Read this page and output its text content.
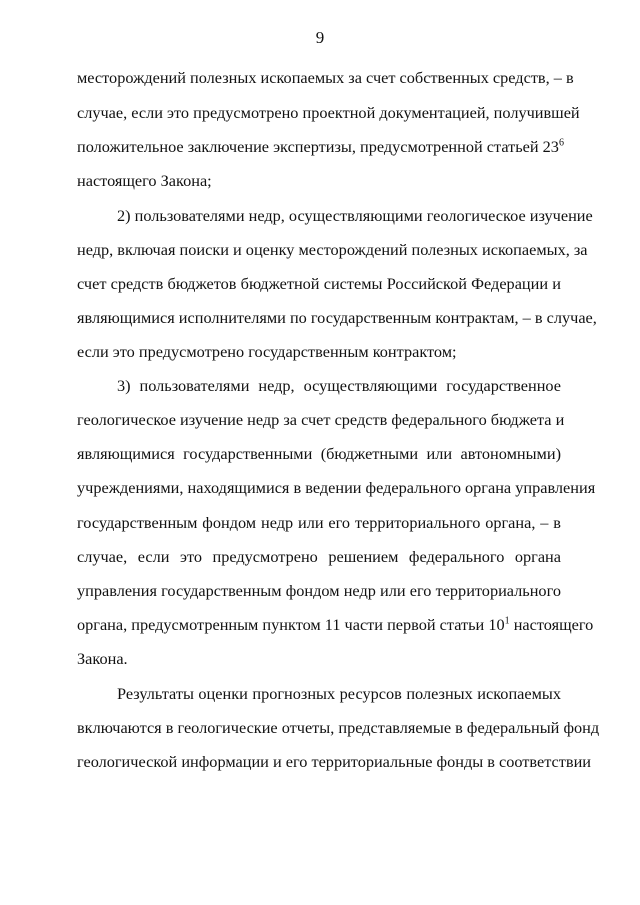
9
месторождений полезных ископаемых за счет собственных средств, – в
случае, если это предусмотрено проектной документацией, получившей
положительное заключение экспертизы, предусмотренной статьей $23^6$
настоящего Закона;
2) пользователями недр, осуществляющими геологическое изучение
недр, включая поиски и оценку месторождений полезных ископаемых, за
счет средств бюджетов бюджетной системы Российской Федерации и
являющимися исполнителями по государственным контрактам, – в случае,
если это предусмотрено государственным контрактом;
3) пользователями недр, осуществляющими государственное
геологическое изучение недр за счет средств федерального бюджета и
являющимися государственными (бюджетными или автономными)
учреждениями, находящимися в ведении федерального органа управления
государственным фондом недр или его территориального органа, – в
случае, если это предусмотрено решением федерального органа
управления государственным фондом недр или его территориального
органа, предусмотренным пунктом 11 части первой статьи $10^1$ настоящего
Закона.
Результаты оценки прогнозных ресурсов полезных ископаемых
включаются в геологические отчеты, представляемые в федеральный фонд
геологической информации и его территориальные фонды в соответствии
